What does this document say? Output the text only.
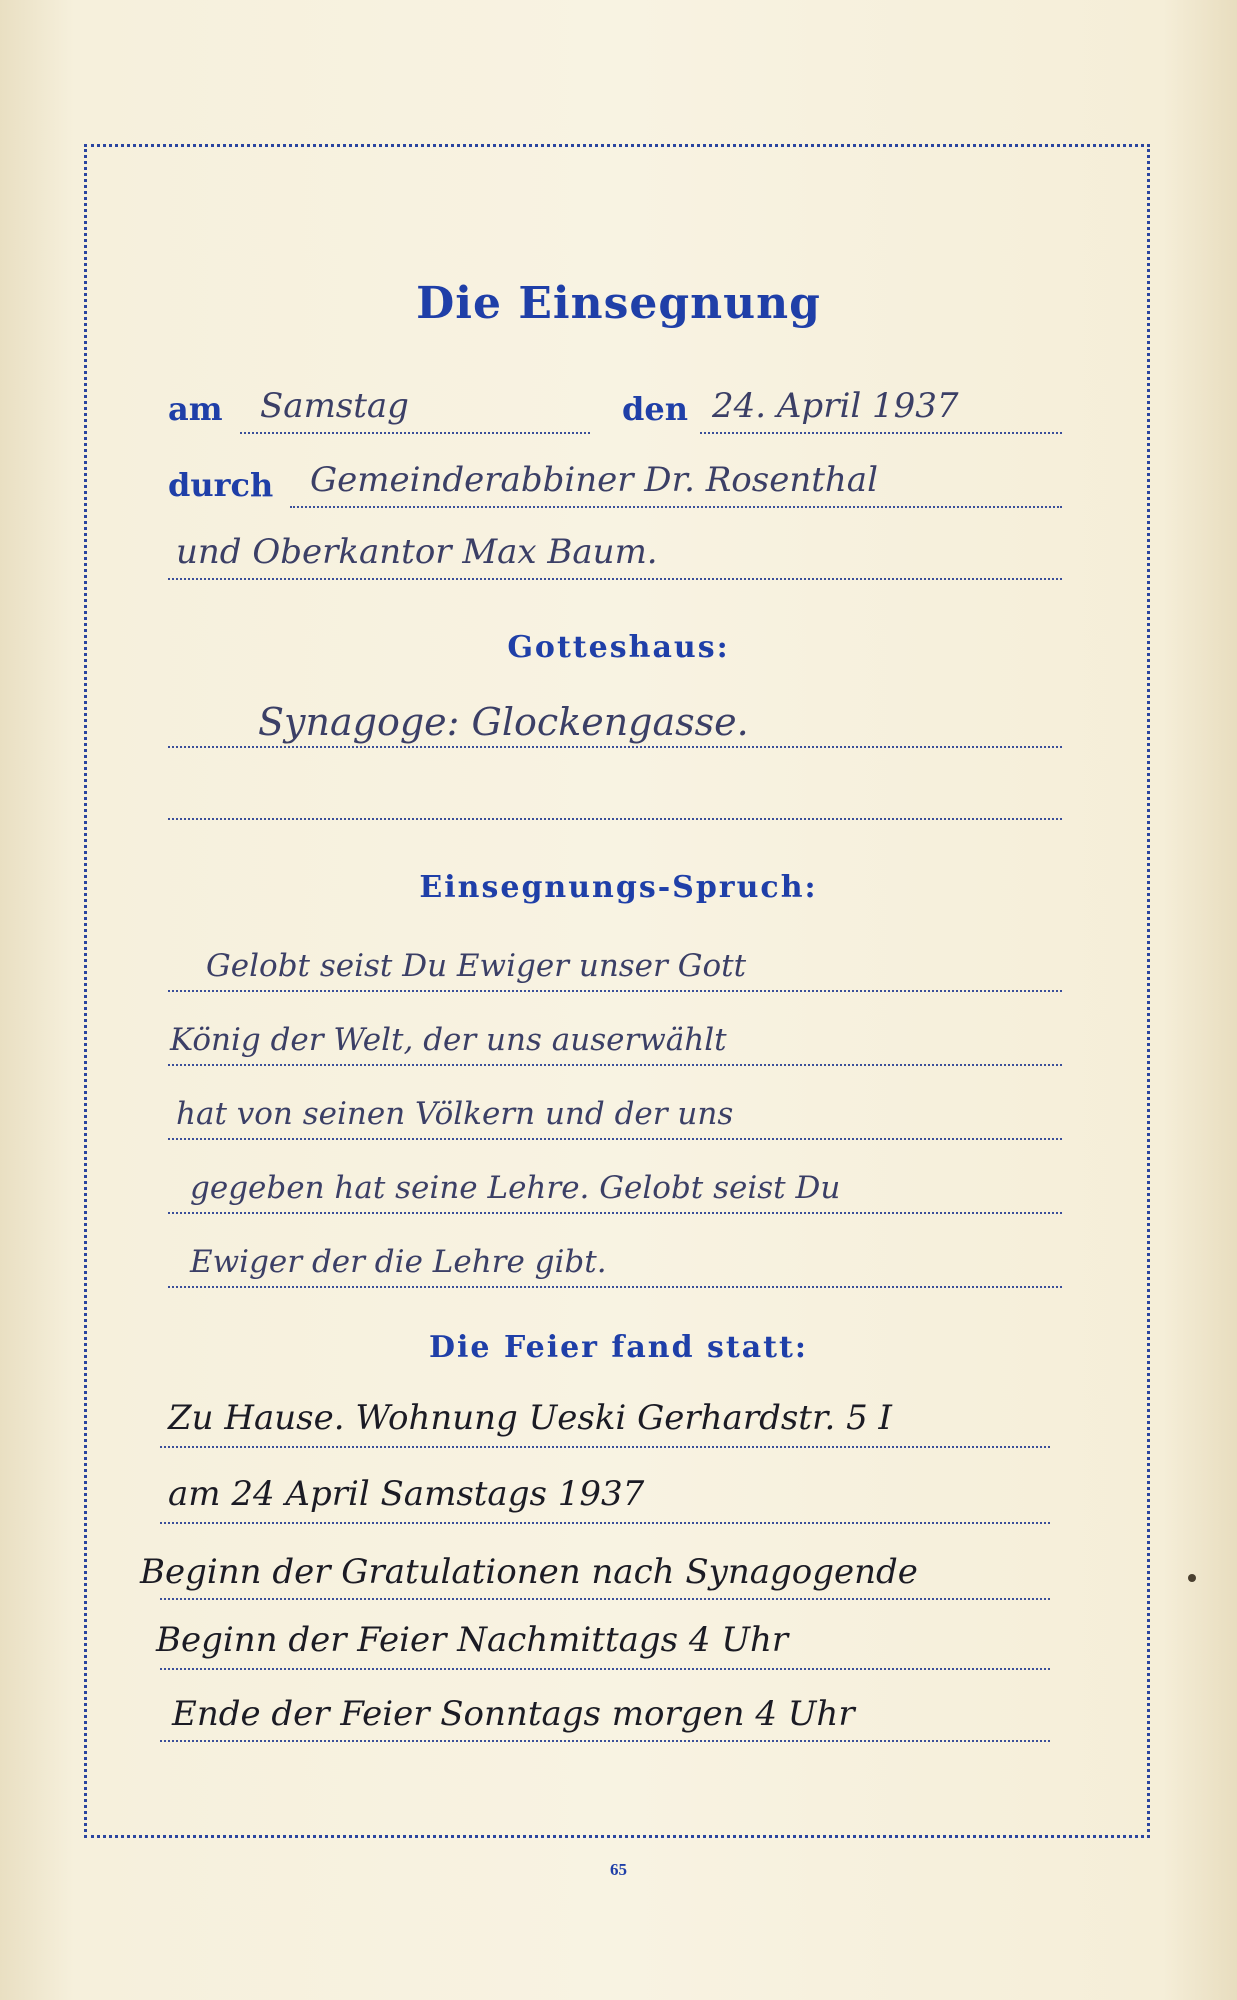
Die Einsegnung
am Samstag	den 24. April 1937
durch Gemeinderabbiner Dr. Rosenthal
und Oberkantor Max Baum.
Gotteshaus:
Synagoge: Glockengasse.
Einsegnungs-Spruch:
Gelobt seist Du Ewiger unser Gott
König der Welt, der uns auserwählt
hat von seinen Völkern und der uns
gegeben hat seine Lehre. Gelobt seist Du
Ewiger der die Lehre gibt.
Die Feier fand statt:
Zu Hause. Wohnung Ueski Gerhardstr. 5 I
am 24 April Samstags 1937
Beginn der Gratulationen nach Synagogende
Beginn der Feier Nachmittags 4 Uhr
Ende der Feier Sonntags morgen 4 Uhr
65
